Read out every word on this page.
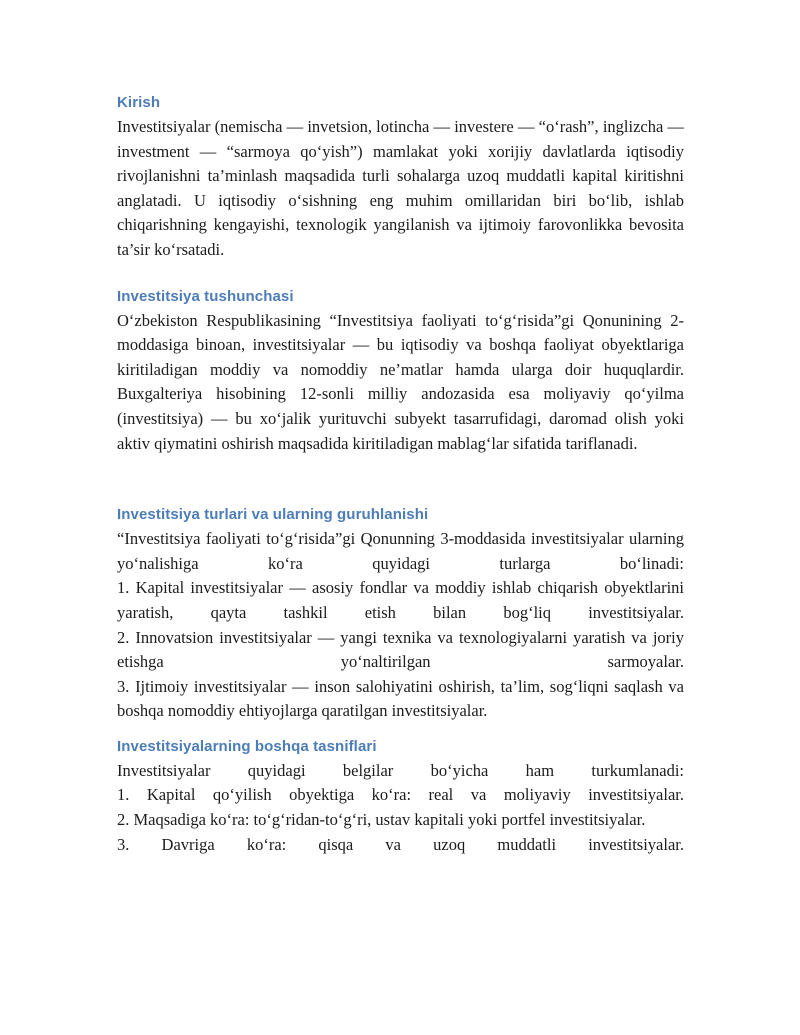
Kirish

Investitsiyalar (nemischa — invetsion, lotincha — investere — “o‘rash”, inglizcha — investment — “sarmoya qo‘yish”) mamlakat yoki xorijiy davlatlarda iqtisodiy rivojlanishni ta’minlash maqsadida turli sohalarga uzoq muddatli kapital kiritishni anglatadi. U iqtisodiy o‘sishning eng muhim omillaridan biri bo‘lib, ishlab chiqarishning kengayishi, texnologik yangilanish va ijtimoiy farovonlikka bevosita ta’sir ko‘rsatadi.

Investitsiya tushunchasi

O‘zbekiston Respublikasining “Investitsiya faoliyati to‘g‘risida”gi Qonunining 2-moddasiga binoan, investitsiyalar — bu iqtisodiy va boshqa faoliyat obyektlariga kiritiladigan moddiy va nomoddiy ne’matlar hamda ularga doir huquqlardir. Buxgalteriya hisobining 12-sonli milliy andozasida esa moliyaviy qo‘yilma (investitsiya) — bu xo‘jalik yurituvchi subyekt tasarrufidagi, daromad olish yoki aktiv qiymatini oshirish maqsadida kiritiladigan mablag‘lar sifatida tariflanadi.

Investitsiya turlari va ularning guruhlanishi

“Investitsiya faoliyati to‘g‘risida”gi Qonunning 3-moddasida investitsiyalar ularning yo‘nalishiga ko‘ra quyidagi turlarga bo‘linadi:

1. Kapital investitsiyalar — asosiy fondlar va moddiy ishlab chiqarish obyektlarini yaratish, qayta tashkil etish bilan bog‘liq investitsiyalar.

2. Innovatsion investitsiyalar — yangi texnika va texnologiyalarni yaratish va joriy etishga yo‘naltirilgan sarmoyalar.

3. Ijtimoiy investitsiyalar — inson salohiyatini oshirish, ta’lim, sog‘liqni saqlash va boshqa nomoddiy ehtiyojlarga qaratilgan investitsiyalar.

Investitsiyalarning boshqa tasniflari

Investitsiyalar quyidagi belgilar bo‘yicha ham turkumlanadi:

1. Kapital qo‘yilish obyektiga ko‘ra: real va moliyaviy investitsiyalar.

2. Maqsadiga ko‘ra: to‘g‘ridan-to‘g‘ri, ustav kapitali yoki portfel investitsiyalar.

3. Davriga ko‘ra: qisqa va uzoq muddatli investitsiyalar.
